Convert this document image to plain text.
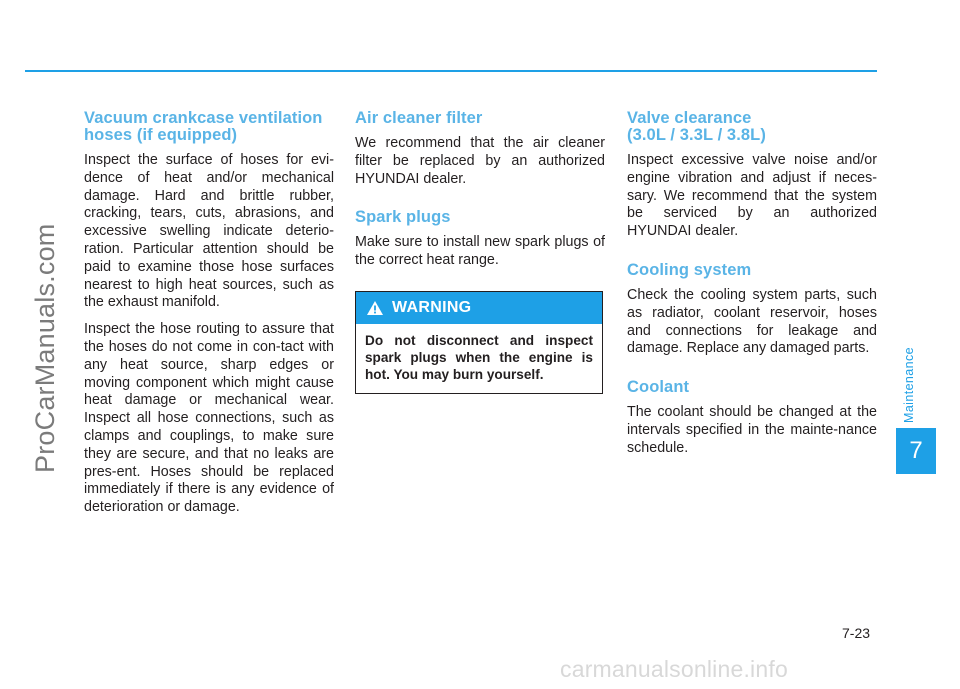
ProCarManuals.com
Vacuum crankcase ventilation
hoses (if equipped)

Inspect the surface of hoses for evi-dence of heat and/or mechanical damage. Hard and brittle rubber, cracking, tears, cuts, abrasions, and excessive swelling indicate deterio-ration. Particular attention should be paid to examine those hose surfaces nearest to high heat sources, such as the exhaust manifold.

Inspect the hose routing to assure that the hoses do not come in con-tact with any heat source, sharp edges or moving component which might cause heat damage or mechanical wear. Inspect all hose connections, such as clamps and couplings, to make sure they are secure, and that no leaks are pres-ent. Hoses should be replaced immediately if there is any evidence of deterioration or damage.

Air cleaner filter

We recommend that the air cleaner filter be replaced by an authorized HYUNDAI dealer.

Spark plugs

Make sure to install new spark plugs of the correct heat range.

WARNING
Do not disconnect and inspect spark plugs when the engine is hot. You may burn yourself.
Valve clearance
(3.0L / 3.3L / 3.8L)

Inspect excessive valve noise and/or engine vibration and adjust if neces-sary. We recommend that the system be serviced by an authorized HYUNDAI dealer.

Cooling system

Check the cooling system parts, such as radiator, coolant reservoir, hoses and connections for leakage and damage. Replace any damaged parts.

Coolant

The coolant should be changed at the intervals specified in the mainte-nance schedule.

Maintenance
7
7-23
carmanualsonline.info
